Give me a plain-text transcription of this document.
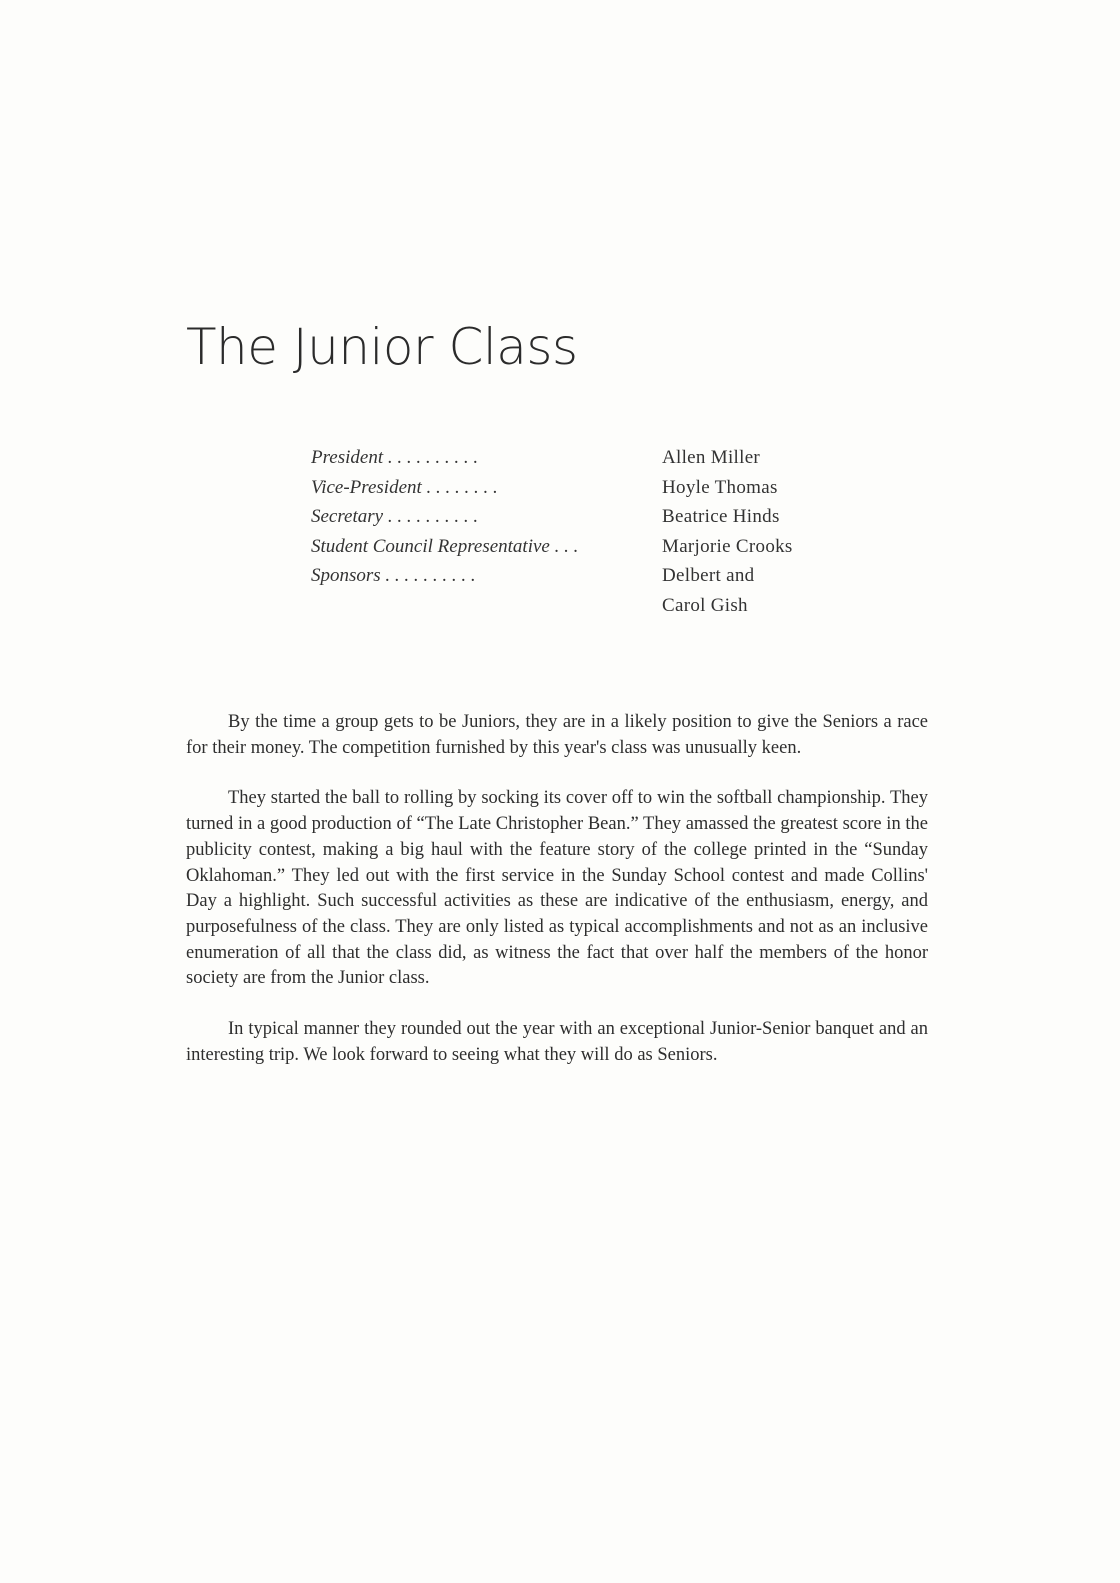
The Junior Class
President . . . . . . . . . .	Allen Miller
Vice-President . . . . . . . .	Hoyle Thomas
Secretary . . . . . . . . . .	Beatrice Hinds
Student Council Representative . . .	Marjorie Crooks
Sponsors . . . . . . . . . .	Delbert and
Carol Gish

By the time a group gets to be Juniors, they are in a likely position to give the Seniors a race for their money. The competition furnished by this year's class was unusually keen.

They started the ball to rolling by socking its cover off to win the softball championship. They turned in a good production of “The Late Christopher Bean.” They amassed the greatest score in the publicity contest, making a big haul with the feature story of the college printed in the “Sunday Oklahoman.” They led out with the first service in the Sunday School contest and made Collins' Day a highlight. Such successful activities as these are indicative of the enthusiasm, energy, and purposefulness of the class. They are only listed as typical accomplishments and not as an inclusive enumeration of all that the class did, as witness the fact that over half the members of the honor society are from the Junior class.

In typical manner they rounded out the year with an exceptional Junior-Senior banquet and an interesting trip. We look forward to seeing what they will do as Seniors.
